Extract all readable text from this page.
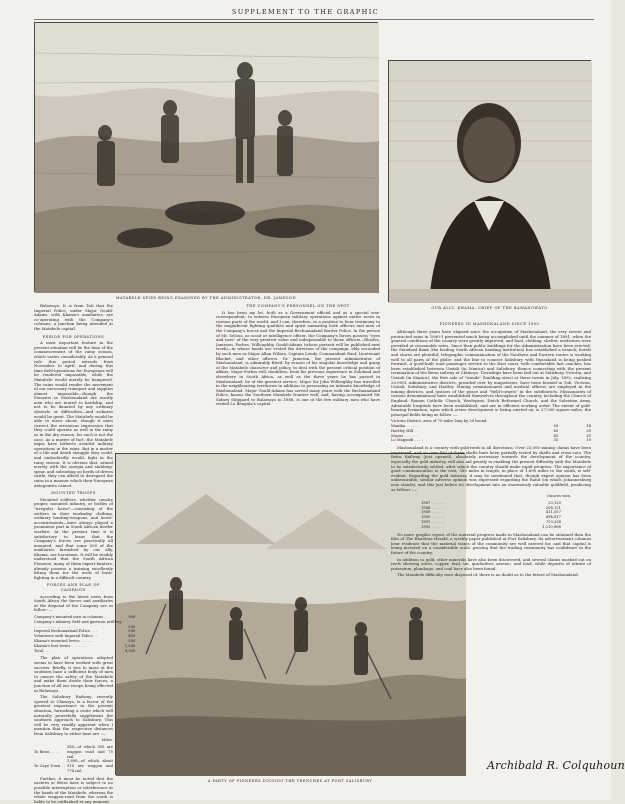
SUPPLEMENT TO THE GRAPHIC
MATABELE SPIES BEING EXAMINED BY THE ADMINISTRATOR, DR. JAMESON
OUR ALLY, KHAMA, CHIEF OF THE BAMANGWATO
PIONEERS IN MASHONALAND SINCE 1890
A PARTY OF PIONEERS DIGGING THE TRENCHES AT FORT SALISBURY

Bulawayo. It is from Tati that the Imperial Police, under Major Gould-Adams, with Khama's auxiliaries, are co-operating with the Company's columns, a junction being intended at the Matabele capital.

PERIOD FOR OPERATIONS

A most important feature in the present situation will be the time of the commencement of the rainy season, which varies considerably. As a general rule this period extends from November to April, and during this time field-operations for Europeans will be rendered impossible, while the Matabele would merely be hampered. The rains would render the movement of our necessary transport and supplies almost impossible—though the Pioneers in Mashonaland are mostly men who are inured to hardship, and not to be daunted by any ordinary obstacle or difficulties—and sickness would be great. The Matabele would be able to move about, though it must correct the erroneous impression that they could operate as well in the rainy as in the dry season, for such is not the case. As a matter of fact, the Matabele impis have hitherto avoided military operations in the rains. But in a matter of a life and death struggle they could, and undoubtedly would, fight in the rainy season. It is obvious that, armed merely with the assegai and stabbing-spear, and subsisting on herds of driven cattle, they can afford to disregard the rains in a manner which their European antagonists cannot.

MOUNTED TROOPS

Mounted soldiers, whether cavalry proper, mounted infantry, or bodies of "irregular horse"—consisting of the settlers in their workaday clothing, ordinary hunting-weapons, and horse-accoutrements—have always played a prominent part in South African border warfare. At the present time it is satisfactory to learn that the Company's forces are practically all mounted, and that some 500 of the auxiliaries furnished by our ally, Khama, are horsemen. It will be readily understood that the South African Pioneers, many of them expert hunters, already possess a training excellently fitting them for the work of bush-fighting in a difficult country.

FORCES AND PLAN OF CAMPAIGN

According to the latest news from South Africa the forces and auxiliaries at the disposal of the Company are as follow :—

Company's mounted men in columns . .	900
Company's infantry, field and garrison artillery	
. . . . . . . . . . . . . . . . . . .	500
Imperial Bechuanaland Police . . .	500
Volunteers with Imperial Police . .	400
Khama's mounted levies . . . . . .	500
Khama's foot levies . . . . . . .	1,500
Total . . . .	4,300

The plan of operations adopted seems to have been worked with great success. Briefly, it was to mass at the southern base a sufficient body of men to ensure the safety of the Matabele and make them divide their forces, a junction of all our troops being effected at Bulawayo.

The Salisbury Railway, recently opened to Chimoyo, is a factor of the greatest importance in the present situation, furnishing a route which will naturally powerfully supplement the southern approach to Salisbury. This will be very readily apparent when I mention that the respective distances from Salisbury to either base are :—

Miles.
To Beira . . . .	380—of which 305 are waggon road and 75 rail.
To Cape Town . .	1,690—of which about 916 are waggon and 774 rail.

Further, it must be noted that the eastern or Beira base is subject to no possible interruption or interference at the hands of the Matabele, whereas the whole waggon-road from the south is liable to be outflanked at any moment.

THE COMPANY'S PERSONNEL ON THE SPOT

It has been my lot, both as a Government official and as a special war-correspondent, to witness European military operations against native races in various parts of the world, and I can, therefore, in a position to bear testimony to the magnificent fighting qualities and spirit animating both officers and men of the Company's forces and the Imperial Bechuanaland Border Police. In the person of Mr. Selous, as scout or intelligence officer, the Company's forces possess "eyes and ears" of the very greatest value and indispensable to those officers—Rhodes, Jameson, Forbes, Willoughby, Gould-Adams (whose portrait will be published next week)—in whose hands are vested the direction of the campaign, ably seconded by such men as Major Allan Wilson, Captain Lendy, Commandant Raaf, Lieutenant Blacket, and other officers. Dr. Jameson, the present Administrator of Mashonaland, is admirably fitted, by reason of his singular knowledge and grasp of the Matabele character and policy, to deal with the present critical position of affairs. Major Forbes will, doubtless, from his previous experience in Zululand and elsewhere in South Africa, as well as the three years he has passed in Mashonaland, be of the greatest service. Major Sir John Willoughby has travelled in the neighbouring territories in addition to possessing an intimate knowledge of Mashonaland. Major Gould-Adams has served many years with the Bechuanaland Police, knows the Southern Matabele frontier well, and, having accompanied Sir Sidney Shippard to Bulawayo in 1888, is one of the few military men who have visited Lo Bengula's capital.

Although three years have elapsed since the occupation of Mashonaland, the very severe and protracted rains in 1890-1 prevented much being accomplished until the summer of 1891, when the general conditions of the country were greatly improved, and food, clothing, shelter, medicines were provided at reasonable rates. Since then public buildings for the Administration have been erected; the Standard Bank (the leading South African banking institution) has established a branch; hotels and stores are plentiful; telegraphic communication of the Southern and Eastern routes is working well to all parts of the globe; and the line to connect Salisbury with Nyasaland is being pushed forward. A good-built road passenger service to the East coast, with comfortable fast coaches, has been established between Umtali (in Manica) and Salisbury, thence connecting with the present termination of the Beira railway at Chimoyo. Townships have been laid out at Salisbury, Victoria, and Umtali (in Manica), the first sale of "stands" (building sites) at these towns in July, 1892, realising 20,000l. Administrative districts, presided over by magistrates, have been formed in Tuli, Victoria, Umtali, Salisbury, and Hartley. Mining commissioners and medical officers are employed in the mining districts, and justices of the peace and "field-cornets" in the subdistricts. Missionaries of various denominations have established themselves throughout the country, including the Church of England, Roman Catholic Church, Wesleyans, Dutch Reformed Church, and the Salvation Army. Admirable hospitals have been established, and are in efficient working order. The extent of gold-bearing formation, upon which active development is being carried on, is 27,000 square miles, the principal fields being as follow :—

Victoria District, area of 70 miles long by 20 broad.		
Manika . . . . . .	50	14
Hartley Hill . . .	40	30
Mazoe . . . . . .	40	20
Lo Magondi . . . .	35	10

Mashonaland is a country with gold-reefs in all directions. Over 25,000 mining claims have been registered, and on over 400 of these shafts have been partially tested by shafts and cross-cuts. The Beira Railway (just opened), absolutely necessary towards the development of the country, especially the gold industry, will also aid greatly in enabling the present difficulty with the Matabele to be satisfactorily settled, after which the country should make rapid progress. The importance of good communication to the east, 380 miles in length, in place of 1,690 miles to the south, is self-evident. Regarding the gold industry, it may be mentioned that, though expert opinion has been unfavourable, similar adverse opinion was expressed regarding the Rand (on which Johannesburg now stands), and this just before its development into an enormously valuable goldfield, producing as follows :—

Ounces won.
1887 . . . . . .	23,125
1888 . . . . . .	208,121
1889 . . . . . .	411,557
1890 . . . . . .	494,817
1891 . . . . . .	729,238
1892 . . . . . .	1,210,868

No more graphic report of the material progress made in Mashonaland can be obtained than the files of The Rhodesia Herald, a weekly paper published at Fort Salisbury. Its advertisement columns bear evidence that the material wants of the community are well catered for, and that capital is being invested on a considerable scale, proving that the trading community has confidence in the future of the country.

In addition to gold, other minerals have also been discovered, and several claims marked out on reefs showing silver, copper, lead, tin, quicksilver, arsenic, and lead, while deposits of nitrate of potassium, plumbago, and coal have also been found.

The Matabele difficulty once disposed of, there is no doubt as to the future of Mashonaland.

Archibald R. Colquhoun
